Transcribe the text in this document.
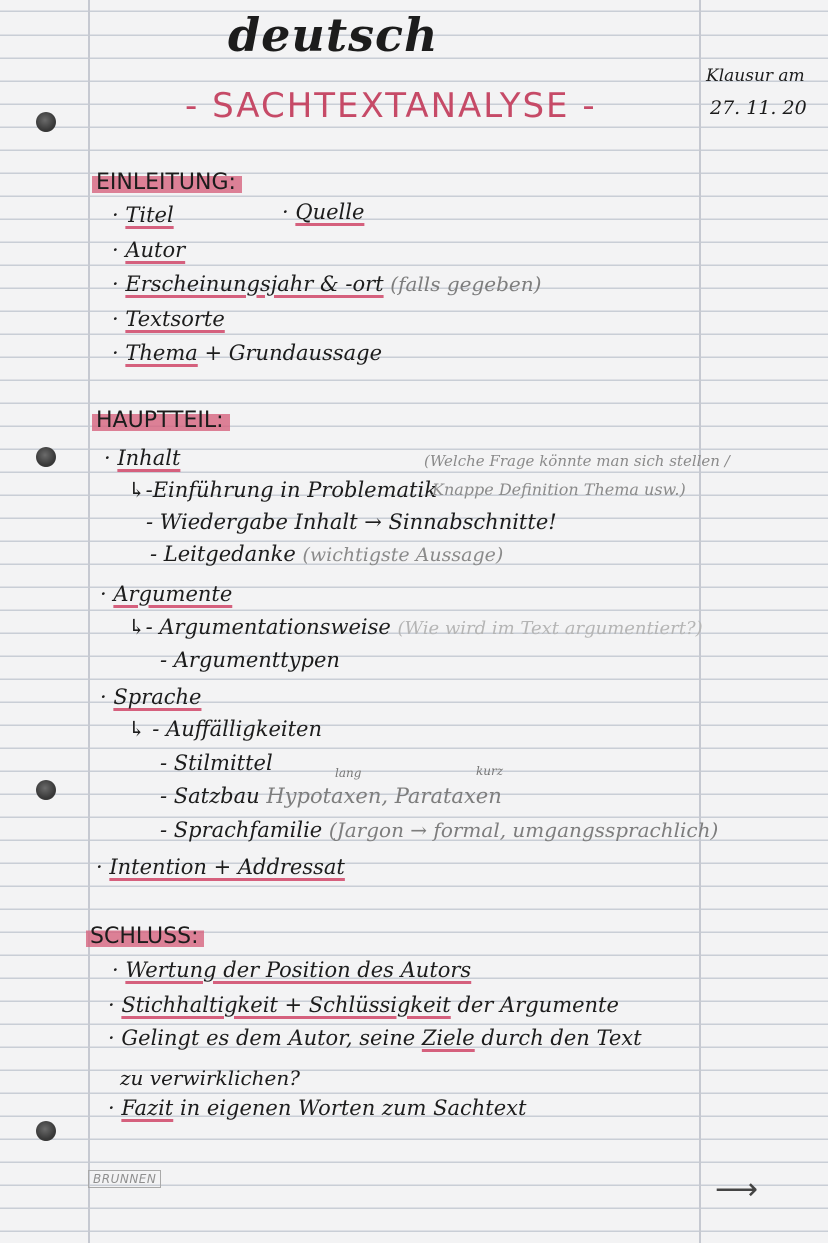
deutsch
- SACHTEXTANALYSE -
Klausur am
27. 11. 20
EINLEITUNG:
· Titel	· Quelle
· Autor
· Erscheinungsjahr & -ort (falls gegeben)
· Textsorte
· Thema + Grundaussage
HAUPTTEIL:
· Inhalt	(Welche Frage könnte man sich stellen /
↳-Einführung in Problematik
Knappe Definition Thema usw.)
- Wiedergabe Inhalt → Sinnabschnitte!
- Leitgedanke (wichtigste Aussage)
· Argumente
↳- Argumentationsweise (Wie wird im Text argumentiert?)
- Argumenttypen
· Sprache
↳ - Auffälligkeiten
- Stilmittel	lang	kurz
- Satzbau Hypotaxen, Parataxen
- Sprachfamilie (Jargon → formal, umgangssprachlich)
· Intention + Addressat
SCHLUSS:
· Wertung der Position des Autors
· Stichhaltigkeit + Schlüssigkeit der Argumente
· Gelingt es dem Autor, seine Ziele durch den Text
zu verwirklichen?
· Fazit in eigenen Worten zum Sachtext
BRUNNEN	⟶
